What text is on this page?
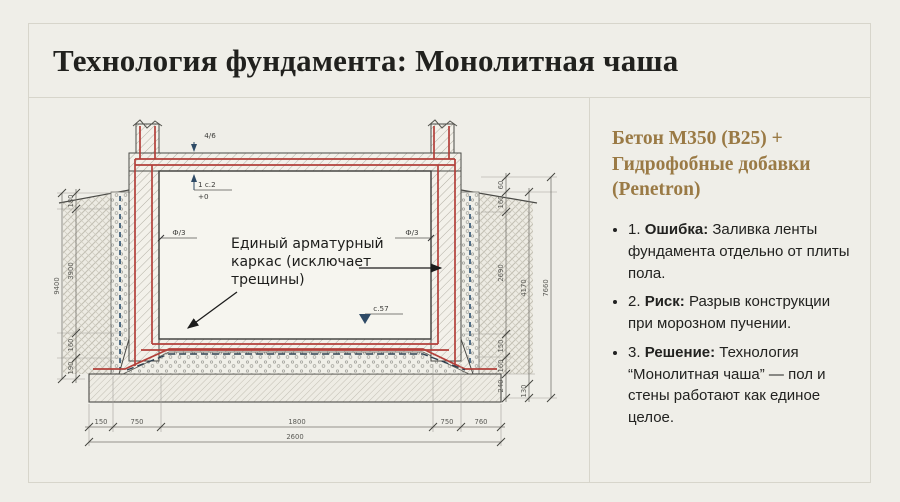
Технология фундамента: Монолитная чаша
4/6
1 с.2
+0
с.57
Ф/3	Ф/3
Единый арматурный
каркас (исключает
трещины)
150	750	1800	750	760
2600
180
3900
160
190
9400
60
160
2690
150
160
240
4170
130
7660
Бетон М350 (В25) + Гидрофобные добавки (Penetron)
• 1. Ошибка: Заливка ленты фундамента отдельно от плиты пола.
• 2. Риск: Разрыв конструкции при морозном пучении.
• 3. Решение: Технология “Монолитная чаша” — пол и стены работают как единое целое.
